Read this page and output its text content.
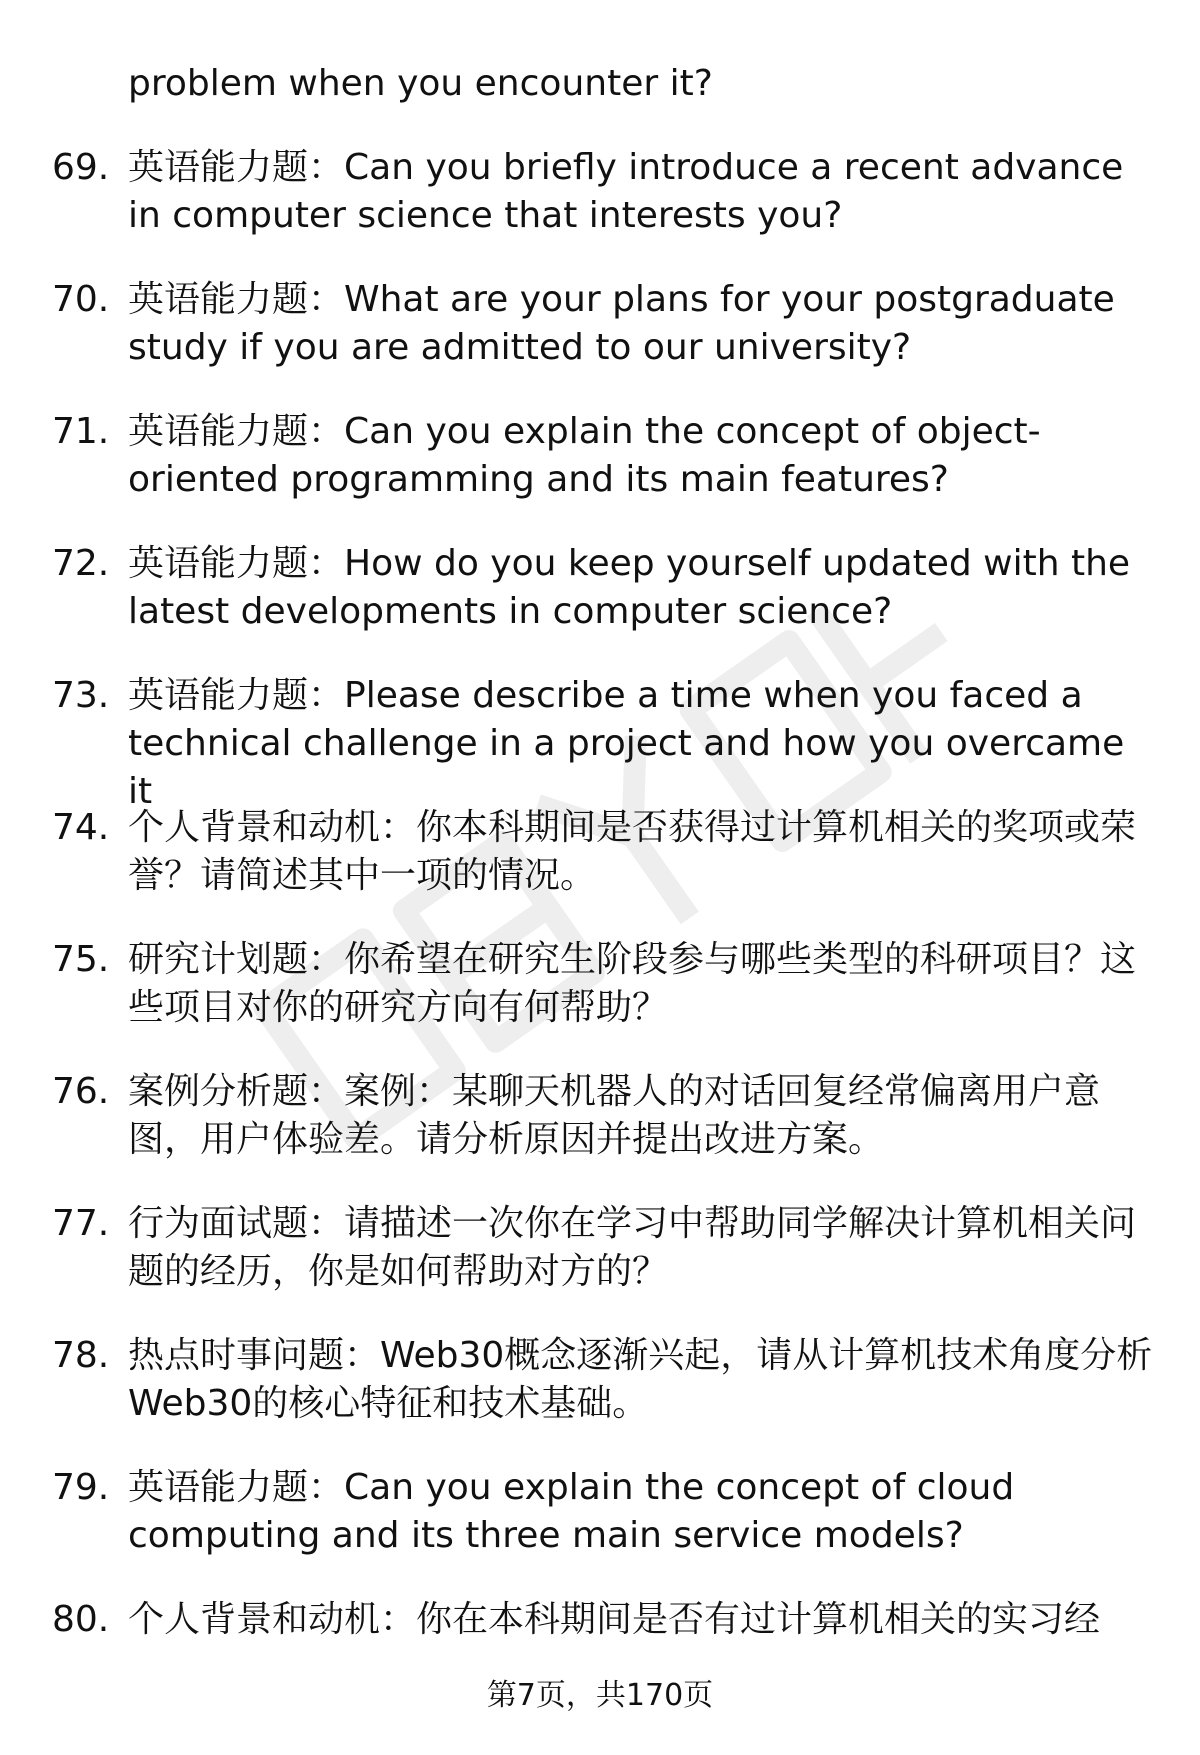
problem when you encounter it?

69. 英语能力题：Can you briefly introduce a recent advance in computer science that interests you?

70. 英语能力题：What are your plans for your postgraduate study if you are admitted to our university?

71. 英语能力题：Can you explain the concept of object-oriented programming and its main features?

72. 英语能力题：How do you keep yourself updated with the latest developments in computer science?

73. 英语能力题：Please describe a time when you faced a technical challenge in a project and how you overcame it

74. 个人背景和动机：你本科期间是否获得过计算机相关的奖项或荣誉？请简述其中一项的情况。

75. 研究计划题：你希望在研究生阶段参与哪些类型的科研项目？这些项目对你的研究方向有何帮助？

76. 案例分析题：案例：某聊天机器人的对话回复经常偏离用户意图，用户体验差。请分析原因并提出改进方案。

77. 行为面试题：请描述一次你在学习中帮助同学解决计算机相关问题的经历，你是如何帮助对方的？

78. 热点时事问题：Web30概念逐渐兴起，请从计算机技术角度分析Web30的核心特征和技术基础。

79. 英语能力题：Can you explain the concept of cloud computing and its three main service models?

80. 个人背景和动机：你在本科期间是否有过计算机相关的实习经

第7页，共170页
